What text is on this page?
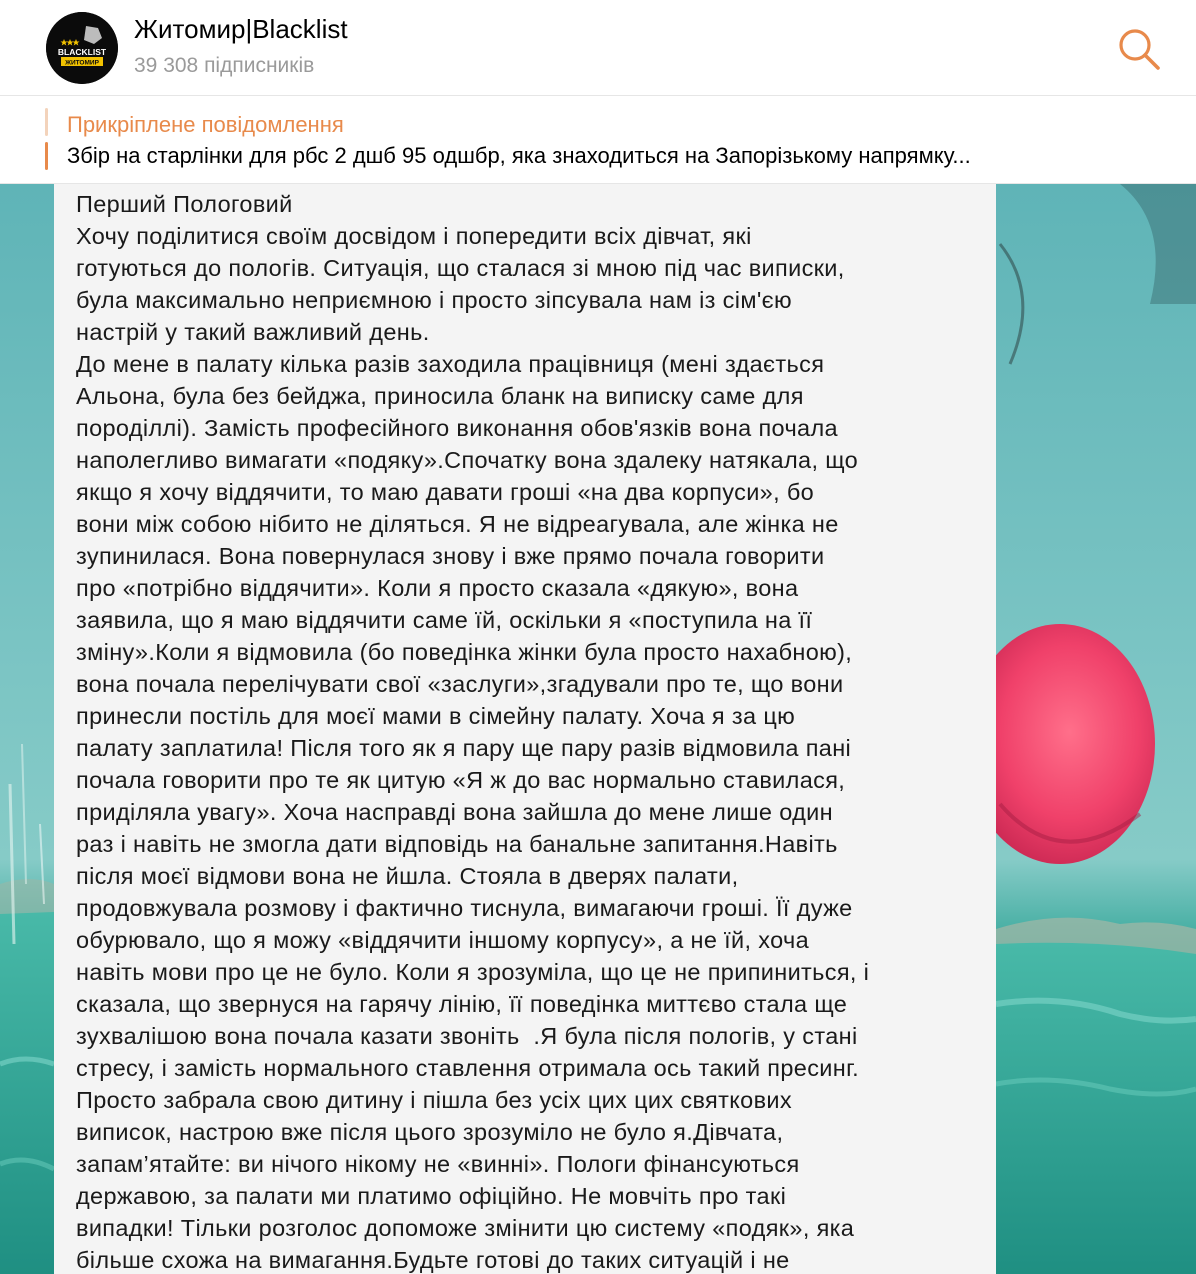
BLACKLIST
ЖИТОМИР
Житомир|Blacklist
39 308 підписників
Прикріплене повідомлення
Збір на старлінки для рбс 2 дшб 95 одшбр, яка знаходиться на Запорізькому напрямку...
Перший Пологовий
Хочу поділитися своїм досвідом і попередити всіх дівчат, які
готуються до пологів. Ситуація, що сталася зі мною під час виписки,
була максимально неприємною і просто зіпсувала нам із сім'єю
настрій у такий важливий день.
До мене в палату кілька разів заходила працівниця (мені здається
Альона, була без бейджа, приносила бланк на виписку саме для
породіллі). Замість професійного виконання обов'язків вона почала
наполегливо вимагати «подяку».Спочатку вона здалеку натякала, що
якщо я хочу віддячити, то маю давати гроші «на два корпуси», бо
вони між собою нібито не діляться. Я не відреагувала, але жінка не
зупинилася. Вона повернулася знову і вже прямо почала говорити
про «потрібно віддячити». Коли я просто сказала «дякую», вона
заявила, що я маю віддячити саме їй, оскільки я «поступила на її
зміну».Коли я відмовила (бо поведінка жінки була просто нахабною),
вона почала перелічувати свої «заслуги»,згадували про те, що вони
принесли постіль для моєї мами в сімейну палату. Хоча я за цю
палату заплатила! Після того як я пару ще пару разів відмовила пані
почала говорити про те як цитую «Я ж до вас нормально ставилася,
приділяла увагу». Хоча насправді вона зайшла до мене лише один
раз і навіть не змогла дати відповідь на банальне запитання.Навіть
після моєї відмови вона не йшла. Стояла в дверях палати,
продовжувала розмову і фактично тиснула, вимагаючи гроші. Її дуже
обурювало, що я можу «віддячити іншому корпусу», а не їй, хоча
навіть мови про це не було. Коли я зрозуміла, що це не припиниться, і
сказала, що звернуся на гарячу лінію, її поведінка миттєво стала ще
зухвалішою вона почала казати звоніть  .Я була після пологів, у стані
стресу, і замість нормального ставлення отримала ось такий пресинг.
Просто забрала свою дитину і пішла без усіх цих цих святкових
виписок, настрою вже після цього зрозуміло не було я.Дівчата,
запам’ятайте: ви нічого нікому не «винні». Пологи фінансуються
державою, за палати ми платимо офіційно. Не мовчіть про такі
випадки! Тільки розголос допоможе змінити цю систему «подяк», яка
більше схожа на вимагання.Будьте готові до таких ситуацій і не
